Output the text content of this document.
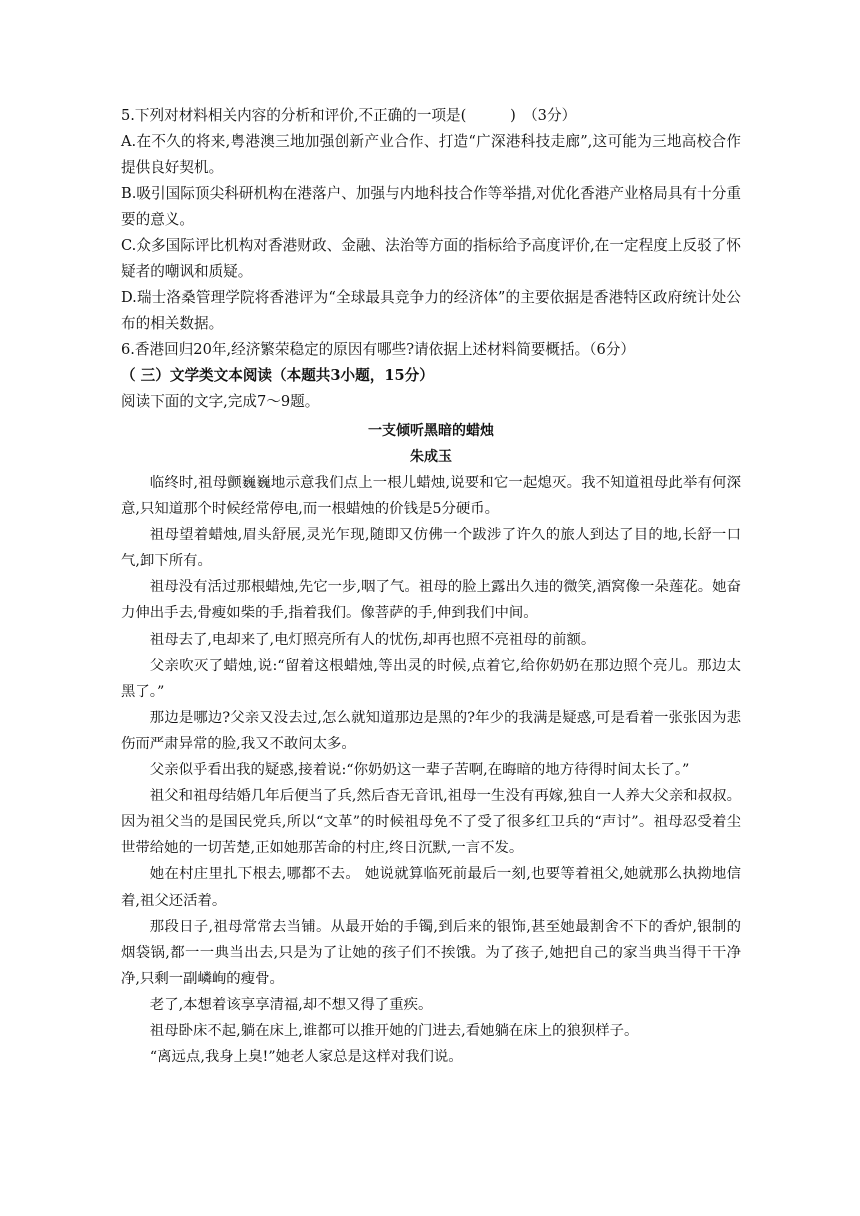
5.下列对材料相关内容的分析和评价,不正确的一项是(　　　)　（3分）

A.在不久的将来,粤港澳三地加强创新产业合作、打造“广深港科技走廊”,这可能为三地高校合作提供良好契机。

B.吸引国际顶尖科研机构在港落户、加强与内地科技合作等举措,对优化香港产业格局具有十分重要的意义。

C.众多国际评比机构对香港财政、金融、法治等方面的指标给予高度评价,在一定程度上反驳了怀疑者的嘲讽和质疑。

D.瑞士洛桑管理学院将香港评为“全球最具竞争力的经济体”的主要依据是香港特区政府统计处公布的相关数据。

6.香港回归20年,经济繁荣稳定的原因有哪些?请依据上述材料简要概括。（6分）

（ 三）文学类文本阅读（本题共3小题，15分）

阅读下面的文字,完成7～9题。

一支倾听黑暗的蜡烛
朱成玉

临终时,祖母颤巍巍地示意我们点上一根儿蜡烛,说要和它一起熄灭。我不知道祖母此举有何深意,只知道那个时候经常停电,而一根蜡烛的价钱是5分硬币。

祖母望着蜡烛,眉头舒展,灵光乍现,随即又仿佛一个跋涉了许久的旅人到达了目的地,长舒一口气,卸下所有。

祖母没有活过那根蜡烛,先它一步,咽了气。祖母的脸上露出久违的微笑,酒窝像一朵莲花。她奋力伸出手去,骨瘦如柴的手,指着我们。像菩萨的手,伸到我们中间。

祖母去了,电却来了,电灯照亮所有人的忧伤,却再也照不亮祖母的前额。

父亲吹灭了蜡烛,说:“留着这根蜡烛,等出灵的时候,点着它,给你奶奶在那边照个亮儿。那边太黑了。”

那边是哪边?父亲又没去过,怎么就知道那边是黑的?年少的我满是疑惑,可是看着一张张因为悲伤而严肃异常的脸,我又不敢问太多。

父亲似乎看出我的疑惑,接着说:“你奶奶这一辈子苦啊,在晦暗的地方待得时间太长了。”

祖父和祖母结婚几年后便当了兵,然后杳无音讯,祖母一生没有再嫁,独自一人养大父亲和叔叔。因为祖父当的是国民党兵,所以“文革”的时候祖母免不了受了很多红卫兵的“声讨”。祖母忍受着尘世带给她的一切苦楚,正如她那苦命的村庄,终日沉默,一言不发。

她在村庄里扎下根去,哪都不去。 她说就算临死前最后一刻,也要等着祖父,她就那么执拗地信着,祖父还活着。

那段日子,祖母常常去当铺。从最开始的手镯,到后来的银饰,甚至她最割舍不下的香炉,银制的烟袋锅,都一一典当出去,只是为了让她的孩子们不挨饿。为了孩子,她把自己的家当典当得干干净净,只剩一副嶙峋的瘦骨。

老了,本想着该享享清福,却不想又得了重疾。

祖母卧床不起,躺在床上,谁都可以推开她的门进去,看她躺在床上的狼狈样子。

“离远点,我身上臭!”她老人家总是这样对我们说。
